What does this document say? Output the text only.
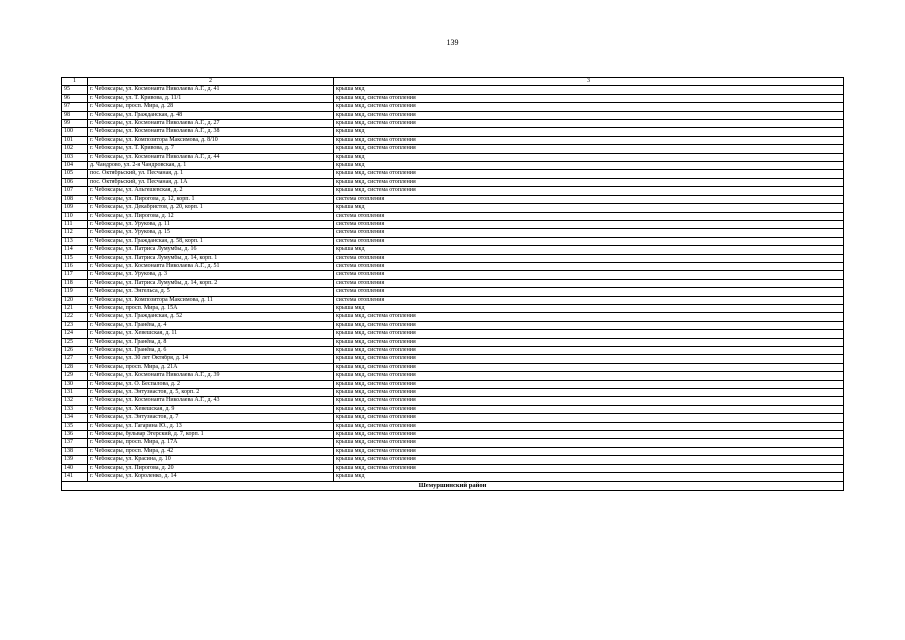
139
1	2	3
95	г. Чебоксары, ул. Космонавта Николаева А.Г., д. 41	крыша мкд
96	г. Чебоксары, ул. Т. Кривова, д. 11/1	крыша мкд, система отопления
97	г. Чебоксары, просп. Мира, д. 28	крыша мкд, система отопления
98	г. Чебоксары, ул. Гражданская, д. 48	крыша мкд, система отопления
99	г. Чебоксары, ул. Космонавта Николаева А.Г., д. 27	крыша мкд, система отопления
100	г. Чебоксары, ул. Космонавта Николаева А.Г., д. 38	крыша мкд
101	г. Чебоксары, ул. Композитора Максимова, д. 8/10	крыша мкд, система отопления
102	г. Чебоксары, ул. Т. Кривова, д. 7	крыша мкд, система отопления
103	г. Чебоксары, ул. Космонавта Николаева А.Г., д. 44	крыша мкд
104	д. Чандрово, ул. 2-я Чандровская, д. 1	крыша мкд
105	пос. Октябрьский, ул. Песчаная, д. 1	крыша мкд, система отопления
106	пос. Октябрьский, ул. Песчаная, д. 1А	крыша мкд, система отопления
107	г. Чебоксары, ул. Альгешевская, д. 2	крыша мкд, система отопления
108	г. Чебоксары, ул. Пирогова, д. 12, корп. 1	система отопления
109	г. Чебоксары, ул. Декабристов, д. 20, корп. 1	крыша мкд
110	г. Чебоксары, ул. Пирогова, д. 12	система отопления
111	г. Чебоксары, ул. Урукова, д. 11	система отопления
112	г. Чебоксары, ул. Урукова, д. 15	система отопления
113	г. Чебоксары, ул. Гражданская, д. 58, корп. 1	система отопления
114	г. Чебоксары, ул. Патриса Лумумбы, д. 16	крыша мкд
115	г. Чебоксары, ул. Патриса Лумумбы, д. 14, корп. 1	система отопления
116	г. Чебоксары, ул. Космонавта Николаева А.Г., д. 51	система отопления
117	г. Чебоксары, ул. Урукова, д. 3	система отопления
118	г. Чебоксары, ул. Патриса Лумумбы, д. 14, корп. 2	система отопления
119	г. Чебоксары, ул. Энгельса, д. 5	система отопления
120	г. Чебоксары, ул. Композитора Максимова, д. 11	система отопления
121	г. Чебоксары, просп. Мира, д. 15А	крыша мкд
122	г. Чебоксары, ул. Гражданская, д. 52	крыша мкд, система отопления
123	г. Чебоксары, ул. Гранёва, д. 4	крыша мкд, система отопления
124	г. Чебоксары, ул. Хевешская, д. 11	крыша мкд, система отопления
125	г. Чебоксары, ул. Гранёва, д. 8	крыша мкд, система отопления
126	г. Чебоксары, ул. Гранёва, д. 6	крыша мкд, система отопления
127	г. Чебоксары, ул. 30 лет Октября, д. 14	крыша мкд, система отопления
128	г. Чебоксары, просп. Мира, д. 21А	крыша мкд, система отопления
129	г. Чебоксары, ул. Космонавта Николаева А.Г., д. 39	крыша мкд, система отопления
130	г. Чебоксары, ул. О. Беспалова, д. 2	крыша мкд, система отопления
131	г. Чебоксары, ул. Энтузиастов, д. 5, корп. 2	крыша мкд, система отопления
132	г. Чебоксары, ул. Космонавта Николаева А.Г., д. 43	крыша мкд, система отопления
133	г. Чебоксары, ул. Хевешская, д. 9	крыша мкд, система отопления
134	г. Чебоксары, ул. Энтузиастов, д. 7	крыша мкд, система отопления
135	г. Чебоксары, ул. Гагарина Ю., д. 13	крыша мкд, система отопления
136	г. Чебоксары, бульвар Эгерский, д. 7, корп. 1	крыша мкд, система отопления
137	г. Чебоксары, просп. Мира, д. 17А	крыша мкд, система отопления
138	г. Чебоксары, просп. Мира, д. 42	крыша мкд, система отопления
139	г. Чебоксары, ул. Красина, д. 10	крыша мкд, система отопления
140	г. Чебоксары, ул. Пирогова, д. 20	крыша мкд, система отопления
141	г. Чебоксары, ул. Короленко, д. 14	крыша мкд
Шемуршинский район		
